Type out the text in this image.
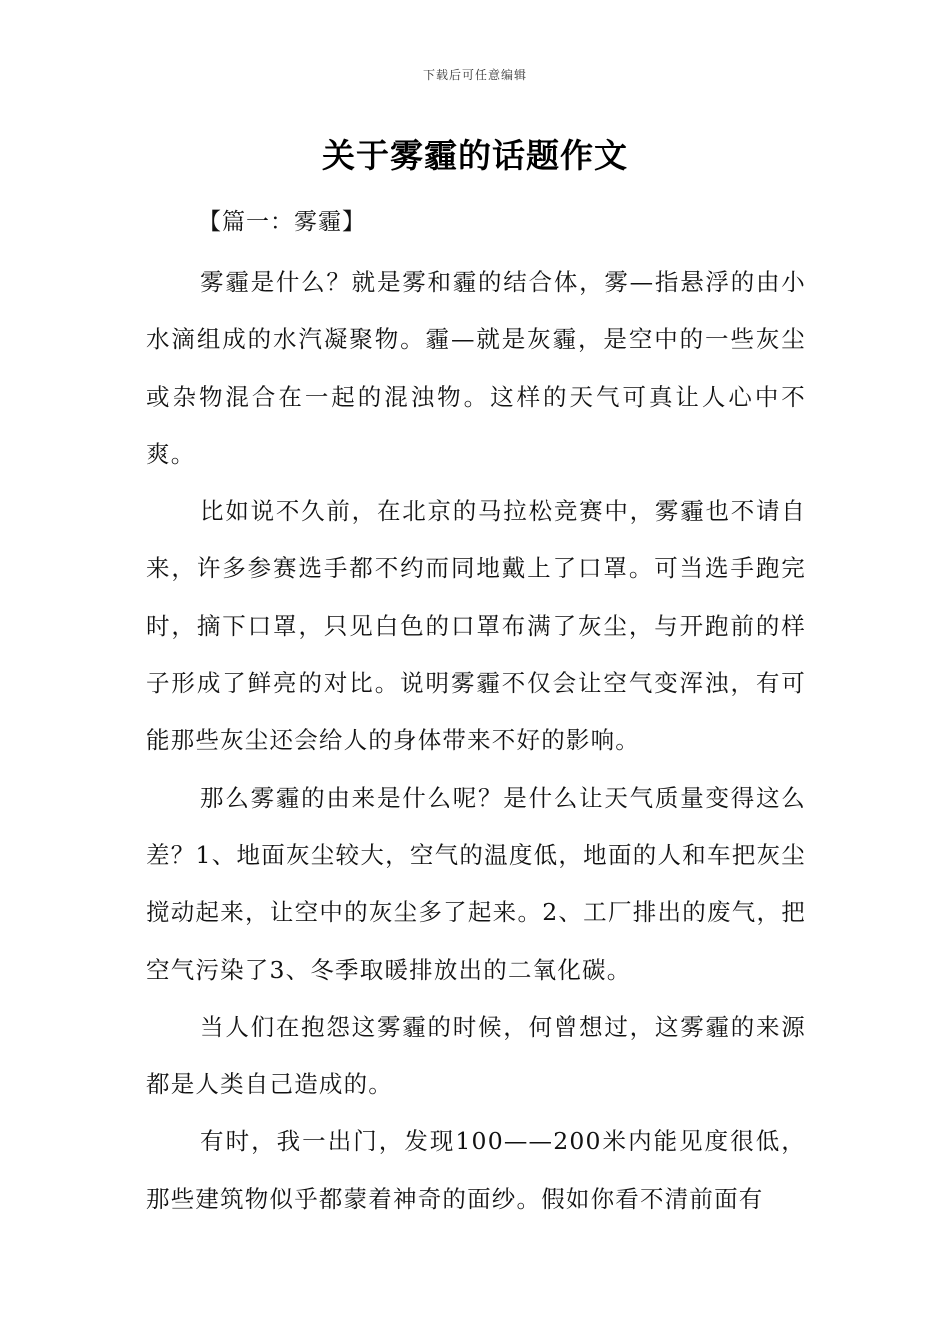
下载后可任意编辑
关于雾霾的话题作文
【篇一：雾霾】

雾霾是什么？就是雾和霾的结合体，雾—指悬浮的由小水滴组成的水汽凝聚物。霾—就是灰霾，是空中的一些灰尘或杂物混合在一起的混浊物。这样的天气可真让人心中不爽。

比如说不久前，在北京的马拉松竞赛中，雾霾也不请自来，许多参赛选手都不约而同地戴上了口罩。可当选手跑完时，摘下口罩，只见白色的口罩布满了灰尘，与开跑前的样子形成了鲜亮的对比。说明雾霾不仅会让空气变浑浊，有可能那些灰尘还会给人的身体带来不好的影响。

那么雾霾的由来是什么呢？是什么让天气质量变得这么差？1、地面灰尘较大，空气的温度低，地面的人和车把灰尘搅动起来，让空中的灰尘多了起来。2、工厂排出的废气，把空气污染了3、冬季取暖排放出的二氧化碳。

当人们在抱怨这雾霾的时候，何曾想过，这雾霾的来源都是人类自己造成的。

有时，我一出门，发现100——200米内能见度很低，那些建筑物似乎都蒙着神奇的面纱。假如你看不清前面有
